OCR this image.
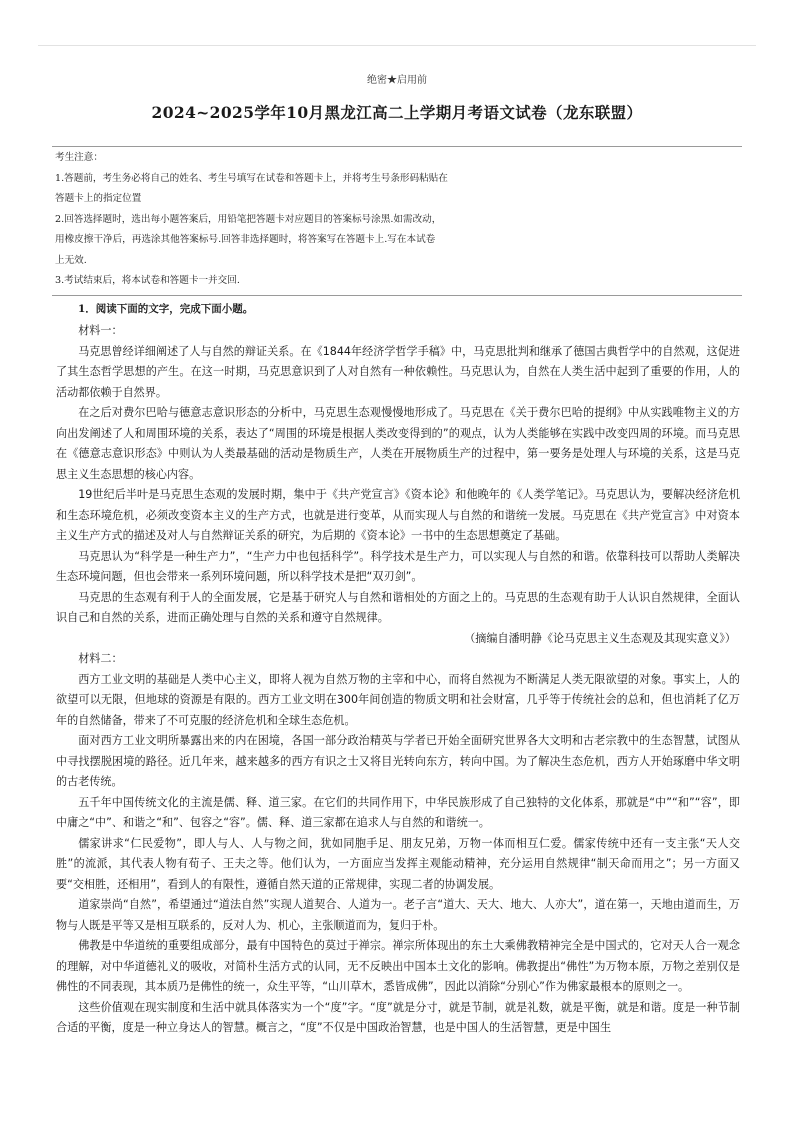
绝密★启用前
2024~2025学年10月黑龙江高二上学期月考语文试卷（龙东联盟）
考生注意：
1.答题前，考生务必将自己的姓名、考生号填写在试卷和答题卡上，并将考生号条形码粘贴在
答题卡上的指定位置
2.回答选择题时，选出每小题答案后，用铅笔把答题卡对应题目的答案标号涂黑.如需改动，
用橡皮擦干净后，再选涂其他答案标号.回答非选择题时，将答案写在答题卡上.写在本试卷
上无效.
3.考试结束后，将本试卷和答题卡一并交回.
1．阅读下面的文字，完成下面小题。

材料一：

马克思曾经详细阐述了人与自然的辩证关系。在《1844年经济学哲学手稿》中，马克思批判和继承了德国古典哲学中的自然观，这促进了其生态哲学思想的产生。在这一时期，马克思意识到了人对自然有一种依赖性。马克思认为，自然在人类生活中起到了重要的作用，人的活动都依赖于自然界。

在之后对费尔巴哈与德意志意识形态的分析中，马克思生态观慢慢地形成了。马克思在《关于费尔巴哈的提纲》中从实践唯物主义的方向出发阐述了人和周围环境的关系，表达了“周围的环境是根据人类改变得到的”的观点，认为人类能够在实践中改变四周的环境。而马克思在《德意志意识形态》中则认为人类最基础的活动是物质生产，人类在开展物质生产的过程中，第一要务是处理人与环境的关系，这是马克思主义生态思想的核心内容。

19世纪后半叶是马克思生态观的发展时期，集中于《共产党宣言》《资本论》和他晚年的《人类学笔记》。马克思认为，要解决经济危机和生态环境危机，必须改变资本主义的生产方式，也就是进行变革，从而实现人与自然的和谐统一发展。马克思在《共产党宣言》中对资本主义生产方式的描述及对人与自然辩证关系的研究，为后期的《资本论》一书中的生态思想奠定了基础。

马克思认为“科学是一种生产力”，“生产力中也包括科学”。科学技术是生产力，可以实现人与自然的和谐。依靠科技可以帮助人类解决生态环境问题，但也会带来一系列环境问题，所以科学技术是把“双刃剑”。

马克思的生态观有利于人的全面发展，它是基于研究人与自然和谐相处的方面之上的。马克思的生态观有助于人认识自然规律，全面认识自己和自然的关系，进而正确处理与自然的关系和遵守自然规律。

（摘编自潘明静《论马克思主义生态观及其现实意义》）

材料二：

西方工业文明的基础是人类中心主义，即将人视为自然万物的主宰和中心，而将自然视为不断满足人类无限欲望的对象。事实上，人的欲望可以无限，但地球的资源是有限的。西方工业文明在300年间创造的物质文明和社会财富，几乎等于传统社会的总和，但也消耗了亿万年的自然储备，带来了不可克服的经济危机和全球生态危机。

面对西方工业文明所暴露出来的内在困境，各国一部分政治精英与学者已开始全面研究世界各大文明和古老宗教中的生态智慧，试图从中寻找摆脱困境的路径。近几年来，越来越多的西方有识之士又将目光转向东方，转向中国。为了解决生态危机，西方人开始琢磨中华文明的古老传统。

五千年中国传统文化的主流是儒、释、道三家。在它们的共同作用下，中华民族形成了自己独特的文化体系，那就是“中”“和”“容”，即中庸之“中”、和谐之“和”、包容之“容”。儒、释、道三家都在追求人与自然的和谐统一。

儒家讲求“仁民爱物”，即人与人、人与物之间，犹如同胞手足、朋友兄弟，万物一体而相互仁爱。儒家传统中还有一支主张“天人交胜”的流派，其代表人物有荀子、王夫之等。他们认为，一方面应当发挥主观能动精神，充分运用自然规律“制天命而用之”；另一方面又要“交相胜，还相用”，看到人的有限性，遵循自然天道的正常规律，实现二者的协调发展。

道家崇尚“自然”，希望通过“道法自然”实现人道契合、人道为一。老子言“道大、天大、地大、人亦大”，道在第一，天地由道而生，万物与人既是平等又是相互联系的，反对人为、机心，主张顺道而为，复归于朴。

佛教是中华道统的重要组成部分，最有中国特色的莫过于禅宗。禅宗所体现出的东土大乘佛教精神完全是中国式的，它对天人合一观念的理解，对中华道德礼义的吸收，对简朴生活方式的认同，无不反映出中国本土文化的影响。佛教提出“佛性”为万物本原，万物之差别仅是佛性的不同表现，其本质乃是佛性的统一，众生平等，“山川草木，悉皆成佛”，因此以消除“分别心”作为佛家最根本的原则之一。

这些价值观在现实制度和生活中就具体落实为一个“度”字。“度”就是分寸，就是节制，就是礼数，就是平衡，就是和谐。度是一种节制合适的平衡，度是一种立身达人的智慧。概言之，“度”不仅是中国政治智慧，也是中国人的生活智慧，更是中国生
